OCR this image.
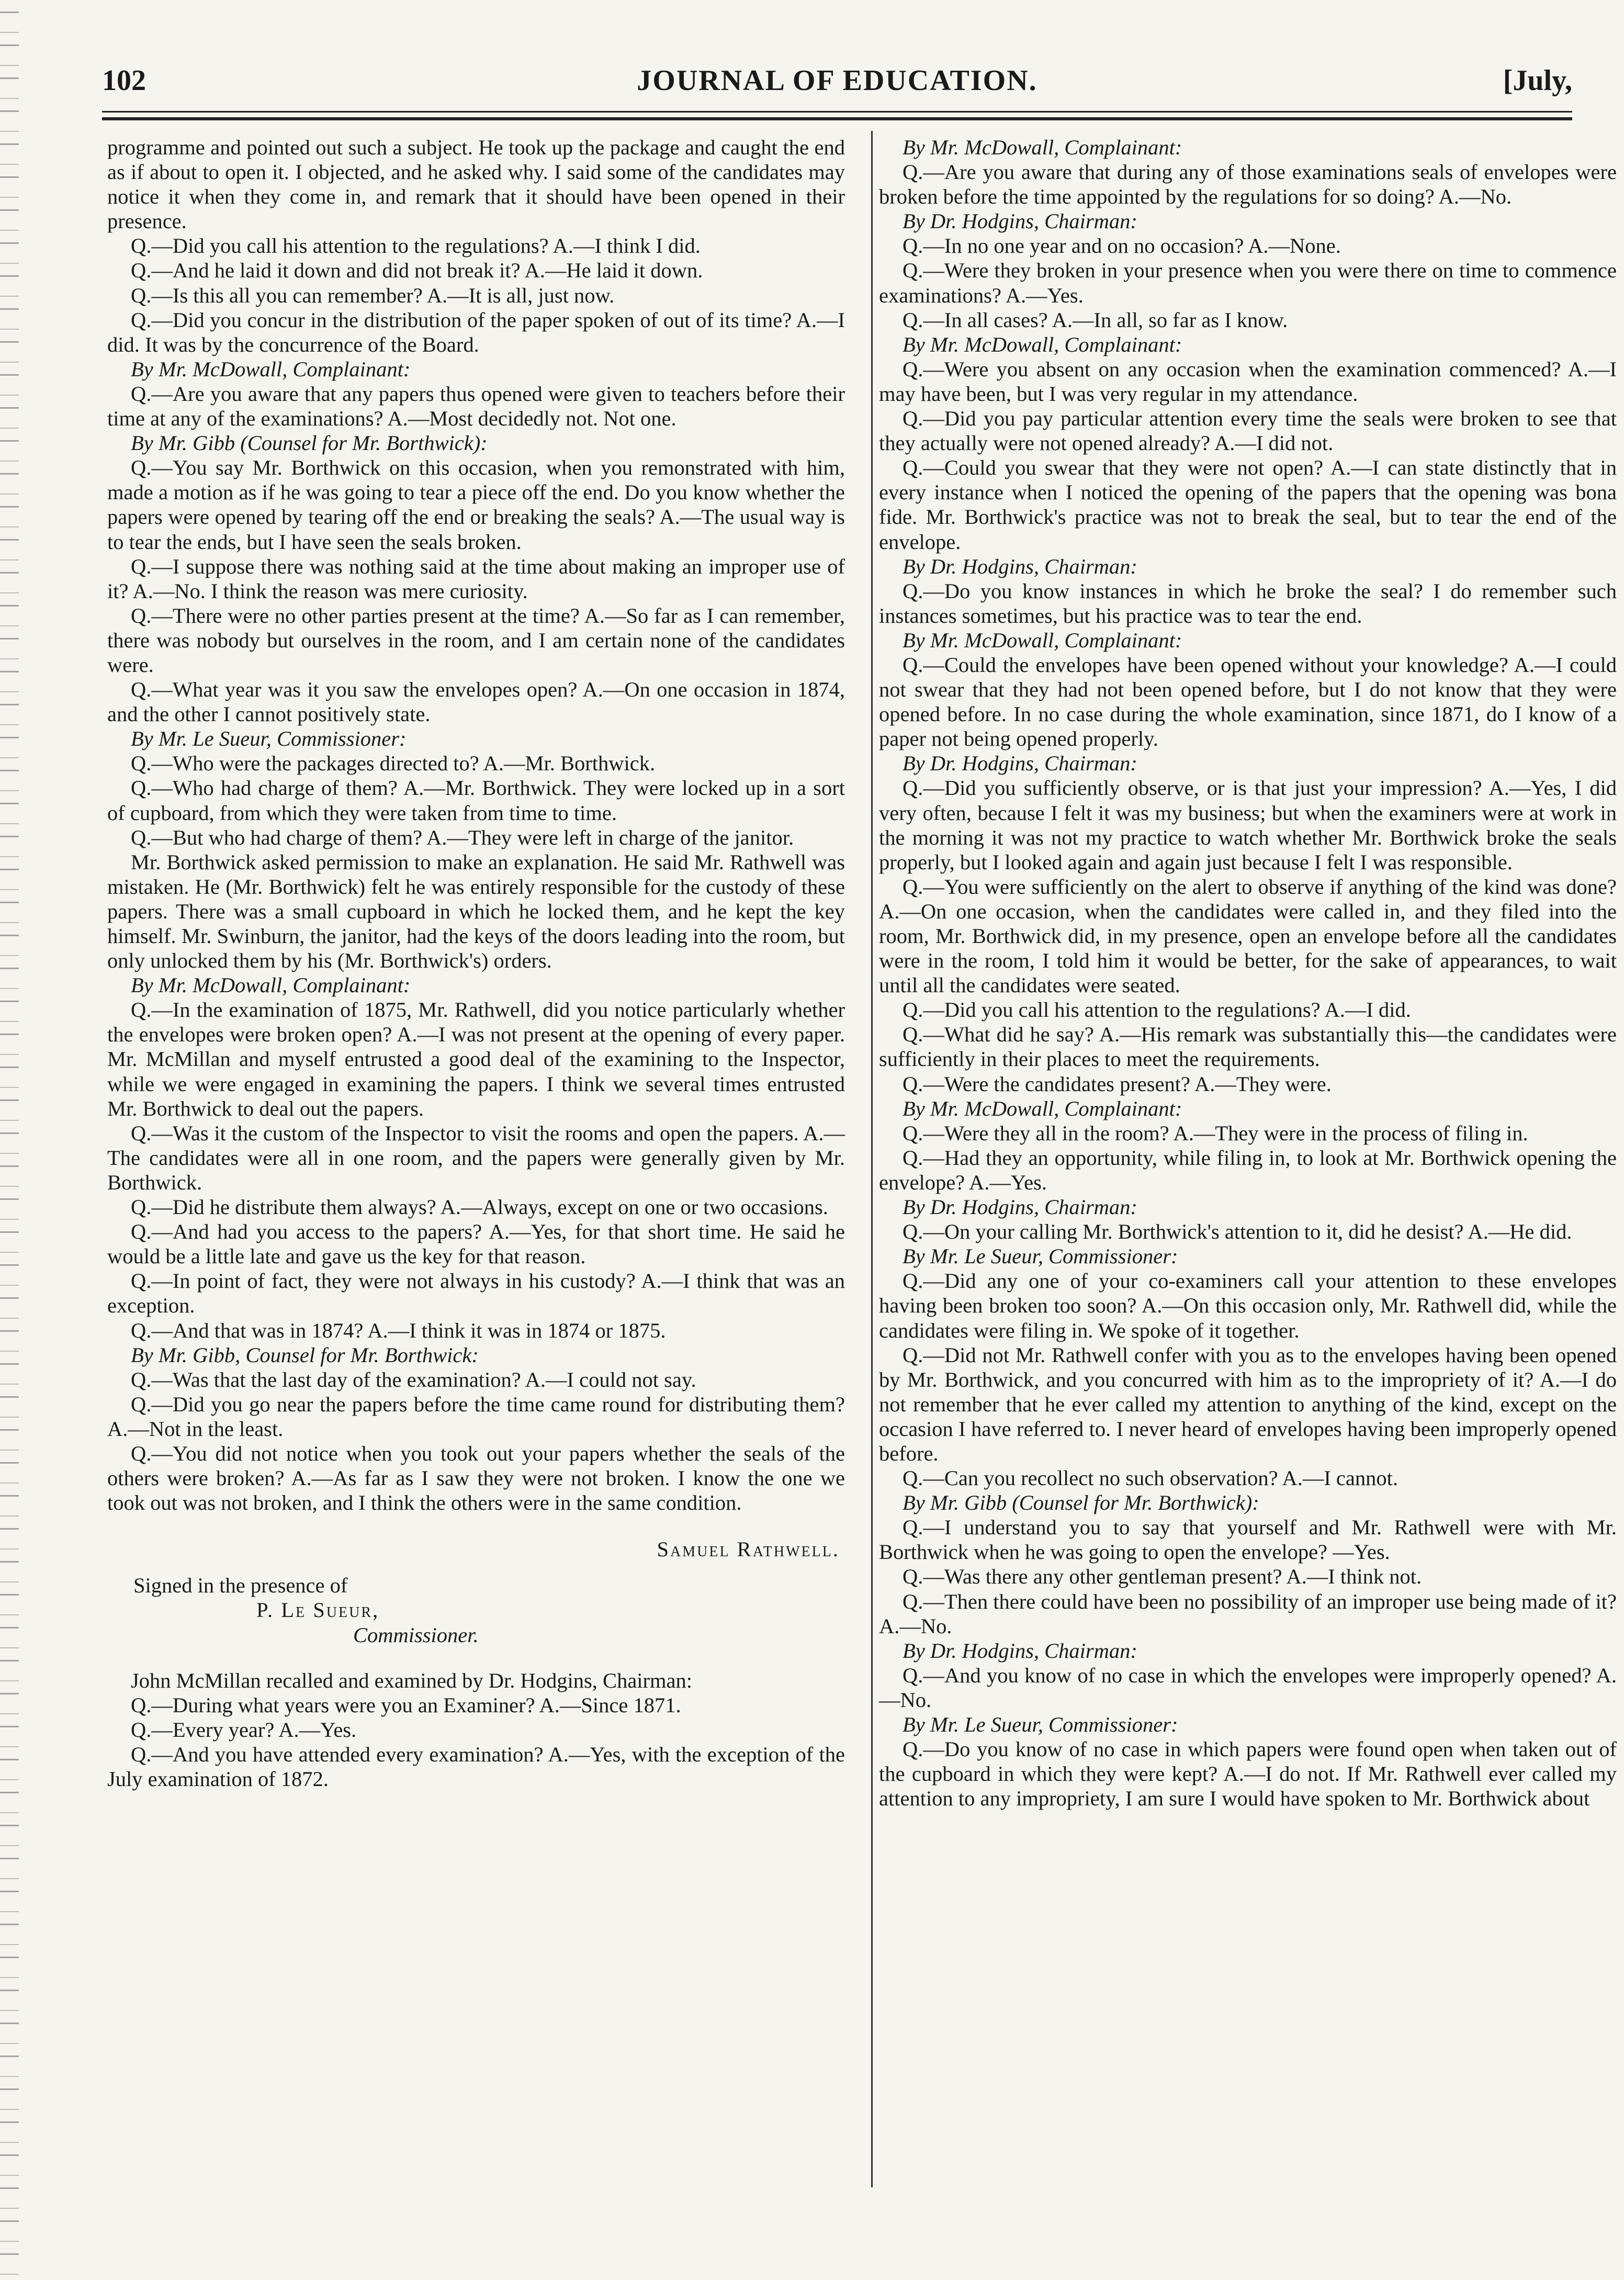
102	JOURNAL OF EDUCATION.	[July,

programme and pointed out such a subject. He took up the package and caught the end as if about to open it. I objected, and he asked why. I said some of the candidates may notice it when they come in, and remark that it should have been opened in their presence.

Q.—Did you call his attention to the regulations? A.—I think I did.

Q.—And he laid it down and did not break it? A.—He laid it down.

Q.—Is this all you can remember? A.—It is all, just now.

Q.—Did you concur in the distribution of the paper spoken of out of its time? A.—I did. It was by the concurrence of the Board.

By Mr. McDowall, Complainant:

Q.—Are you aware that any papers thus opened were given to teachers before their time at any of the examinations? A.—Most decidedly not. Not one.

By Mr. Gibb (Counsel for Mr. Borthwick):

Q.—You say Mr. Borthwick on this occasion, when you remonstrated with him, made a motion as if he was going to tear a piece off the end. Do you know whether the papers were opened by tearing off the end or breaking the seals? A.—The usual way is to tear the ends, but I have seen the seals broken.

Q.—I suppose there was nothing said at the time about making an improper use of it? A.—No. I think the reason was mere curiosity.

Q.—There were no other parties present at the time? A.—So far as I can remember, there was nobody but ourselves in the room, and I am certain none of the candidates were.

Q.—What year was it you saw the envelopes open? A.—On one occasion in 1874, and the other I cannot positively state.

By Mr. Le Sueur, Commissioner:

Q.—Who were the packages directed to? A.—Mr. Borthwick.

Q.—Who had charge of them? A.—Mr. Borthwick. They were locked up in a sort of cupboard, from which they were taken from time to time.

Q.—But who had charge of them? A.—They were left in charge of the janitor.

Mr. Borthwick asked permission to make an explanation. He said Mr. Rathwell was mistaken. He (Mr. Borthwick) felt he was entirely responsible for the custody of these papers. There was a small cupboard in which he locked them, and he kept the key himself. Mr. Swinburn, the janitor, had the keys of the doors leading into the room, but only unlocked them by his (Mr. Borthwick's) orders.

By Mr. McDowall, Complainant:

Q.—In the examination of 1875, Mr. Rathwell, did you notice particularly whether the envelopes were broken open? A.—I was not present at the opening of every paper. Mr. McMillan and myself entrusted a good deal of the examining to the Inspector, while we were engaged in examining the papers. I think we several times entrusted Mr. Borthwick to deal out the papers.

Q.—Was it the custom of the Inspector to visit the rooms and open the papers. A.—The candidates were all in one room, and the papers were generally given by Mr. Borthwick.

Q.—Did he distribute them always? A.—Always, except on one or two occasions.

Q.—And had you access to the papers? A.—Yes, for that short time. He said he would be a little late and gave us the key for that reason.

Q.—In point of fact, they were not always in his custody? A.—I think that was an exception.

Q.—And that was in 1874? A.—I think it was in 1874 or 1875.

By Mr. Gibb, Counsel for Mr. Borthwick:

Q.—Was that the last day of the examination? A.—I could not say.

Q.—Did you go near the papers before the time came round for distributing them? A.—Not in the least.

Q.—You did not notice when you took out your papers whether the seals of the others were broken? A.—As far as I saw they were not broken. I know the one we took out was not broken, and I think the others were in the same condition.

Samuel Rathwell.
Signed in the presence of
P. Le Sueur,
Commissioner.

John McMillan recalled and examined by Dr. Hodgins, Chairman:

Q.—During what years were you an Examiner? A.—Since 1871.

Q.—Every year? A.—Yes.

Q.—And you have attended every examination? A.—Yes, with the exception of the July examination of 1872.

By Mr. McDowall, Complainant:

Q.—Are you aware that during any of those examinations seals of envelopes were broken before the time appointed by the regulations for so doing? A.—No.

By Dr. Hodgins, Chairman:

Q.—In no one year and on no occasion? A.—None.

Q.—Were they broken in your presence when you were there on time to commence examinations? A.—Yes.

Q.—In all cases? A.—In all, so far as I know.

By Mr. McDowall, Complainant:

Q.—Were you absent on any occasion when the examination commenced? A.—I may have been, but I was very regular in my attendance.

Q.—Did you pay particular attention every time the seals were broken to see that they actually were not opened already? A.—I did not.

Q.—Could you swear that they were not open? A.—I can state distinctly that in every instance when I noticed the opening of the papers that the opening was bona fide. Mr. Borthwick's practice was not to break the seal, but to tear the end of the envelope.

By Dr. Hodgins, Chairman:

Q.—Do you know instances in which he broke the seal? I do remember such instances sometimes, but his practice was to tear the end.

By Mr. McDowall, Complainant:

Q.—Could the envelopes have been opened without your knowledge? A.—I could not swear that they had not been opened before, but I do not know that they were opened before. In no case during the whole examination, since 1871, do I know of a paper not being opened properly.

By Dr. Hodgins, Chairman:

Q.—Did you sufficiently observe, or is that just your impression? A.—Yes, I did very often, because I felt it was my business; but when the examiners were at work in the morning it was not my practice to watch whether Mr. Borthwick broke the seals properly, but I looked again and again just because I felt I was responsible.

Q.—You were sufficiently on the alert to observe if anything of the kind was done? A.—On one occasion, when the candidates were called in, and they filed into the room, Mr. Borthwick did, in my presence, open an envelope before all the candidates were in the room, I told him it would be better, for the sake of appearances, to wait until all the candidates were seated.

Q.—Did you call his attention to the regulations? A.—I did.

Q.—What did he say? A.—His remark was substantially this—the candidates were sufficiently in their places to meet the requirements.

Q.—Were the candidates present? A.—They were.

By Mr. McDowall, Complainant:

Q.—Were they all in the room? A.—They were in the process of filing in.

Q.—Had they an opportunity, while filing in, to look at Mr. Borthwick opening the envelope? A.—Yes.

By Dr. Hodgins, Chairman:

Q.—On your calling Mr. Borthwick's attention to it, did he desist? A.—He did.

By Mr. Le Sueur, Commissioner:

Q.—Did any one of your co-examiners call your attention to these envelopes having been broken too soon? A.—On this occasion only, Mr. Rathwell did, while the candidates were filing in. We spoke of it together.

Q.—Did not Mr. Rathwell confer with you as to the envelopes having been opened by Mr. Borthwick, and you concurred with him as to the impropriety of it? A.—I do not remember that he ever called my attention to anything of the kind, except on the occasion I have referred to. I never heard of envelopes having been improperly opened before.

Q.—Can you recollect no such observation? A.—I cannot.

By Mr. Gibb (Counsel for Mr. Borthwick):

Q.—I understand you to say that yourself and Mr. Rathwell were with Mr. Borthwick when he was going to open the envelope? —Yes.

Q.—Was there any other gentleman present? A.—I think not.

Q.—Then there could have been no possibility of an improper use being made of it? A.—No.

By Dr. Hodgins, Chairman:

Q.—And you know of no case in which the envelopes were improperly opened? A.—No.

By Mr. Le Sueur, Commissioner:

Q.—Do you know of no case in which papers were found open when taken out of the cupboard in which they were kept? A.—I do not. If Mr. Rathwell ever called my attention to any impropriety, I am sure I would have spoken to Mr. Borthwick about
